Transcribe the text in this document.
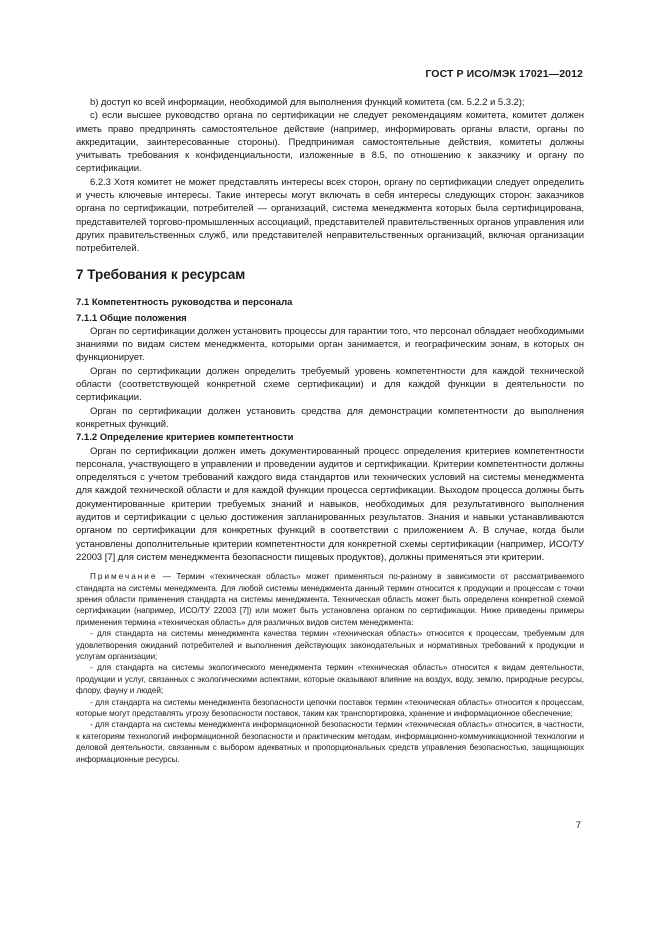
ГОСТ Р ИСО/МЭК 17021—2012

b) доступ ко всей информации, необходимой для выполнения функций комитета (см. 5.2.2 и 5.3.2);

c) если высшее руководство органа по сертификации не следует рекомендациям комитета, комитет должен иметь право предпринять самостоятельное действие (например, информировать органы власти, органы по аккредитации, заинтересованные стороны). Предпринимая самостоятельные действия, комитеты должны учитывать требования к конфиденциальности, изложенные в 8.5, по отношению к заказчику и органу по сертификации.

6.2.3 Хотя комитет не может представлять интересы всех сторон, органу по сертификации следует определить и учесть ключевые интересы. Такие интересы могут включать в себя интересы следующих сторон: заказчиков органа по сертификации, потребителей — организаций, система менеджмента которых была сертифицирована, представителей торгово-промышленных ассоциаций, представителей правительственных органов управления или других правительственных служб, или представителей неправительственных организаций, включая организации потребителей.

7 Требования к ресурсам
7.1 Компетентность руководства и персонала
7.1.1 Общие положения

Орган по сертификации должен установить процессы для гарантии того, что персонал обладает необходимыми знаниями по видам систем менеджмента, которыми орган занимается, и географическим зонам, в которых он функционирует.

Орган по сертификации должен определить требуемый уровень компетентности для каждой технической области (соответствующей конкретной схеме сертификации) и для каждой функции в деятельности по сертификации.

Орган по сертификации должен установить средства для демонстрации компетентности до выполнения конкретных функций.

7.1.2 Определение критериев компетентности

Орган по сертификации должен иметь документированный процесс определения критериев компетентности персонала, участвующего в управлении и проведении аудитов и сертификации. Критерии компетентности должны определяться с учетом требований каждого вида стандартов или технических условий на системы менеджмента для каждой технической области и для каждой функции процесса сертификации. Выходом процесса должны быть документированные критерии требуемых знаний и навыков, необходимых для результативного выполнения аудитов и сертификации с целью достижения запланированных результатов. Знания и навыки устанавливаются органом по сертификации для конкретных функций в соответствии с приложением А. В случае, когда были установлены дополнительные критерии компетентности для конкретной схемы сертификации (например, ИСО/ТУ 22003 [7] для систем менеджмента безопасности пищевых продуктов), должны применяться эти критерии.

Примечание — Термин «техническая область» может применяться по-разному в зависимости от рассматриваемого стандарта на системы менеджмента. Для любой системы менеджмента данный термин относится к продукции и процессам с точки зрения области применения стандарта на системы менеджмента. Техническая область может быть определена конкретной схемой сертификации (например, ИСО/ТУ 22003 [7]) или может быть установлена органом по сертификации. Ниже приведены примеры применения термина «техническая область» для различных видов систем менеджмента:

- для стандарта на системы менеджмента качества термин «техническая область» относится к процессам, требуемым для удовлетворения ожиданий потребителей и выполнения действующих законодательных и нормативных требований к продукции и услугам организации;

- для стандарта на системы экологического менеджмента термин «техническая область» относится к видам деятельности, продукции и услуг, связанных с экологическими аспектами, которые оказывают влияние на воздух, воду, землю, природные ресурсы, флору, фауну и людей;

- для стандарта на системы менеджмента безопасности цепочки поставок термин «техническая область» относится к процессам, которые могут представлять угрозу безопасности поставок, таким как транспортировка, хранение и информационное обеспечение;

- для стандарта на системы менеджмента информационной безопасности термин «техническая область» относится, в частности, к категориям технологий информационной безопасности и практическим методам, информационно-коммуникационной технологии и деловой деятельности, связанным с выбором адекватных и пропорциональных средств управления безопасностью, защищающих информационные ресурсы.

7
